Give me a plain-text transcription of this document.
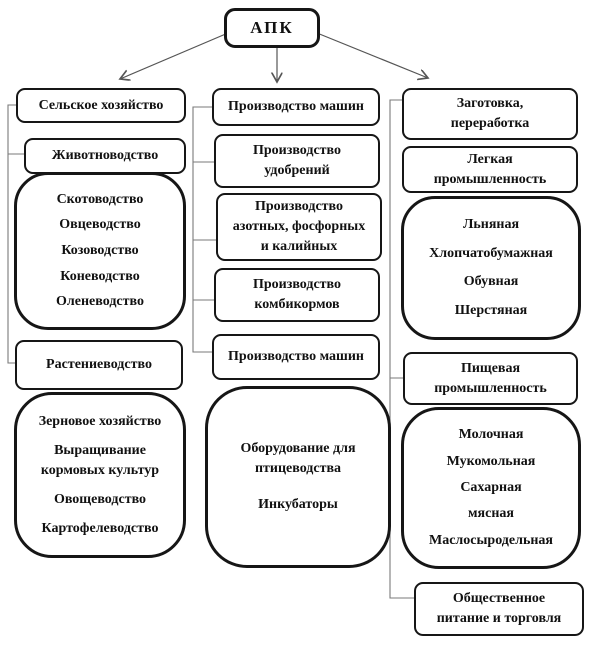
АПК
Сельское хозяйство
Животноводство
Скотоводство
Овцеводство
Козоводство
Коневодство
Оленеводство
Растениеводство
Зерновое хозяйство
Выращивание кормовых культур
Овощеводство
Картофелеводство
Производство машин
Производство удобрений
Производство азотных, фосфорных и калийных
Производство комбикормов
Производство машин
Оборудование для птицеводства
Инкубаторы
Заготовка, переработка
Легкая промышленность
Льняная
Хлопчатобумажная
Обувная
Шерстяная
Пищевая промышленность
Молочная
Мукомольная
Сахарная
мясная
Маслосыродельная
Общественное питание и торговля
